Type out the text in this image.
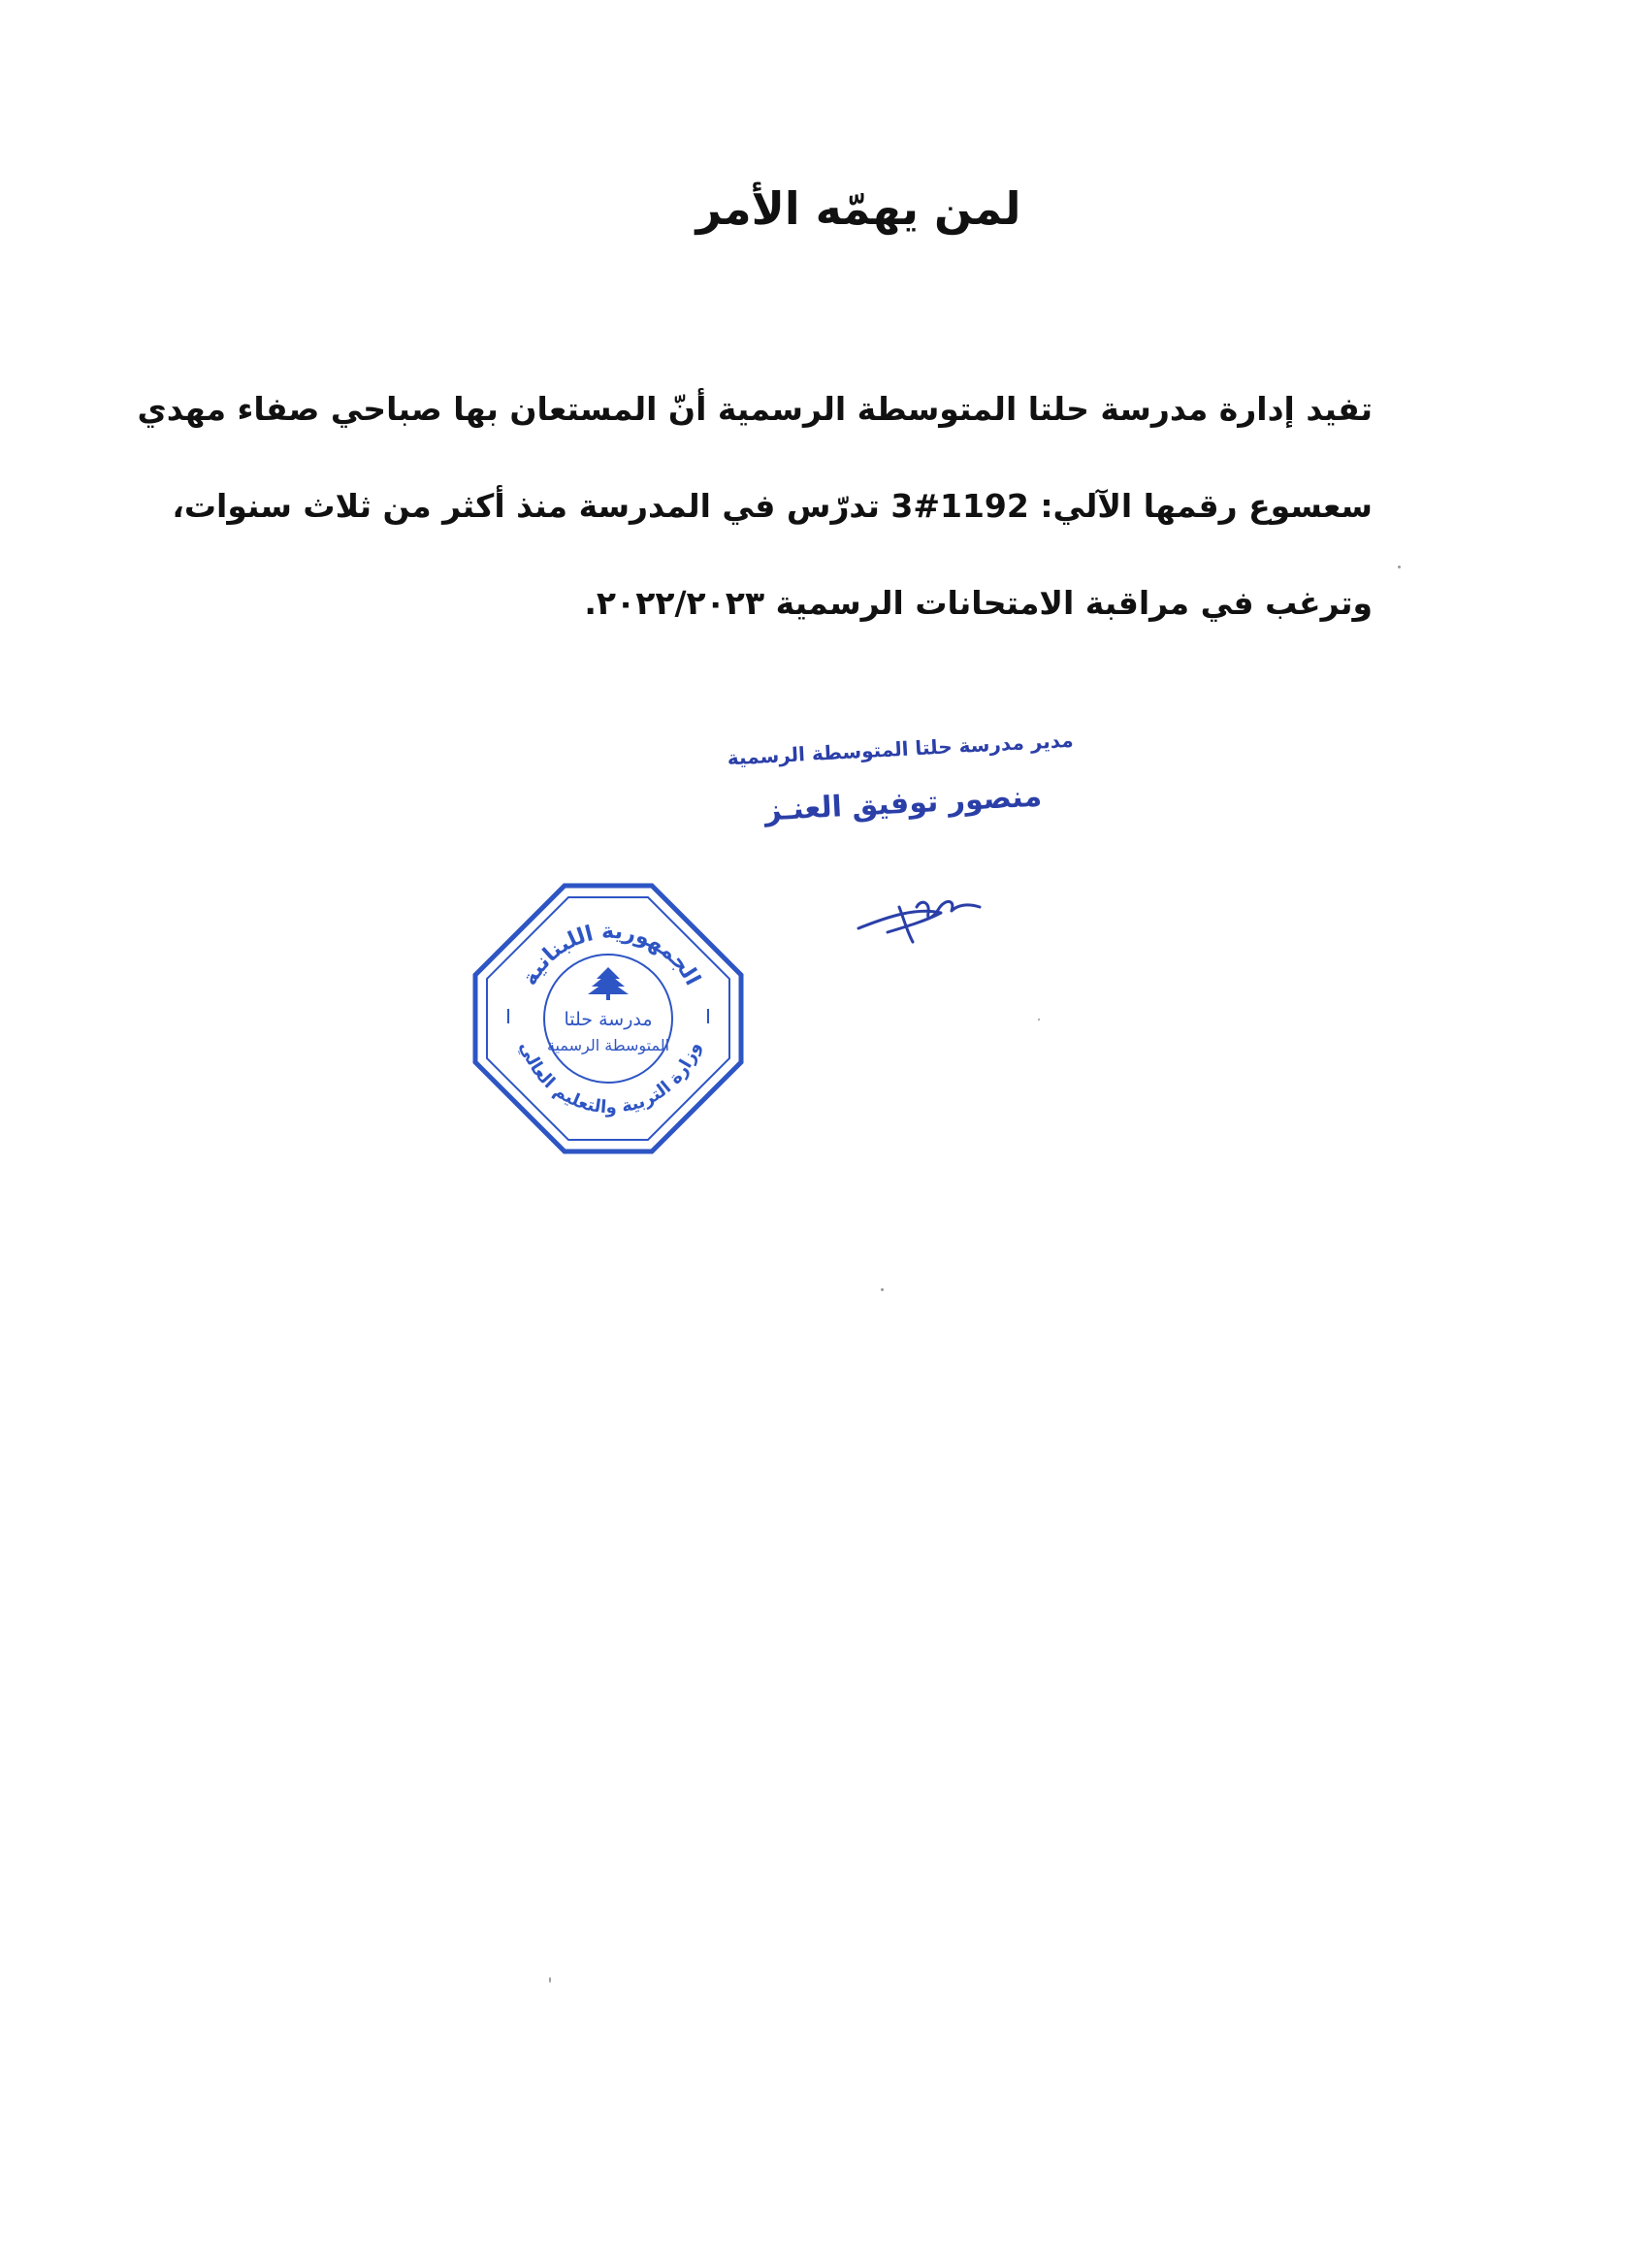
لمن يهمّه الأمر
تفيد إدارة مدرسة حلتا المتوسطة الرسمية أنّ المستعان بها صباحي صفاء مهدي
سعسوع رقمها الآلي: 3#1192 تدرّس في المدرسة منذ أكثر من ثلاث سنوات،
وترغب في مراقبة الامتحانات الرسمية ٢٠٢٢/٢٠٢٣.
مدير مدرسة حلتا المتوسطة الرسمية
منصور توفيق العنـز
الجمهورية اللبنانية
وزارة التربية والتعليم العالي
مدرسة حلتا
المتوسطة الرسمية
